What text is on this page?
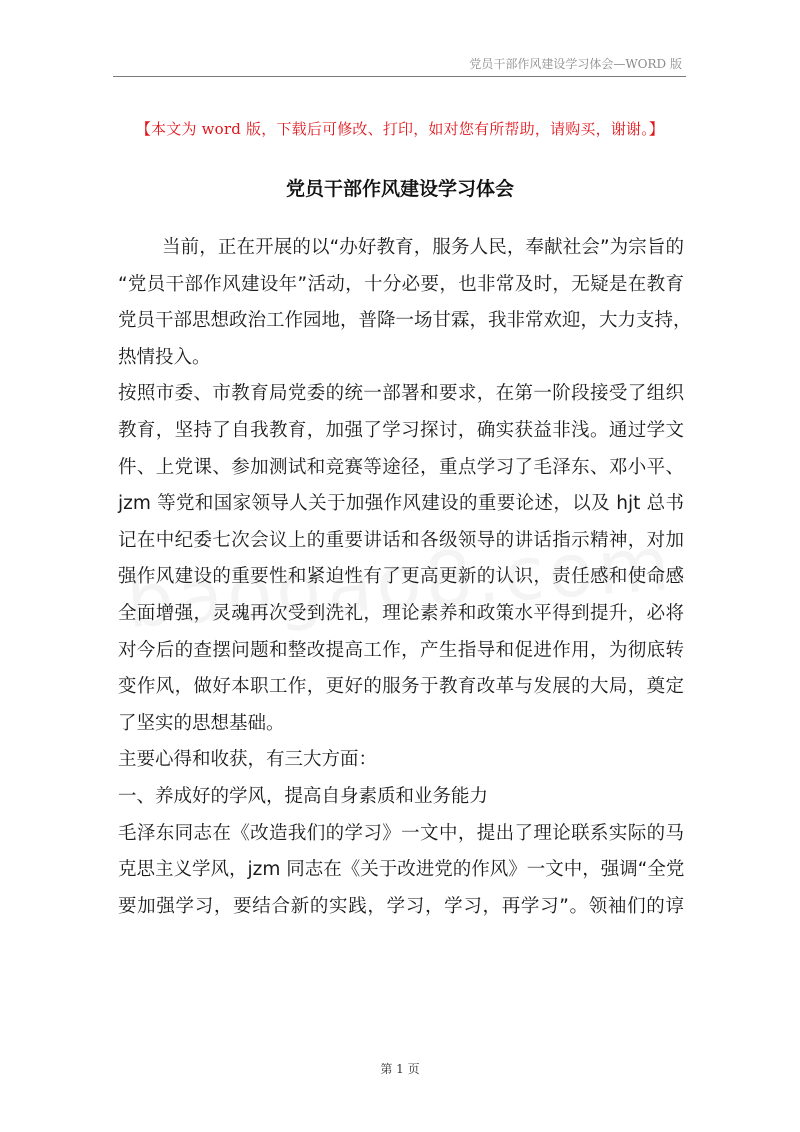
党员干部作风建设学习体会—WORD 版
【本文为 word 版，下载后可修改、打印，如对您有所帮助，请购买，谢谢。】
党员干部作风建设学习体会
当前，正在开展的以“办好教育，服务人民，奉献社会”为宗旨的
“党员干部作风建设年”活动，十分必要，也非常及时，无疑是在教育
党员干部思想政治工作园地，普降一场甘霖，我非常欢迎，大力支持，
热情投入。
按照市委、市教育局党委的统一部署和要求，在第一阶段接受了组织
教育，坚持了自我教育，加强了学习探讨，确实获益非浅。通过学文
件、上党课、参加测试和竞赛等途径，重点学习了毛泽东、邓小平、
jzm 等党和国家领导人关于加强作风建设的重要论述，以及 hjt 总书
记在中纪委七次会议上的重要讲话和各级领导的讲话指示精神，对加
强作风建设的重要性和紧迫性有了更高更新的认识，责任感和使命感
全面增强，灵魂再次受到洗礼，理论素养和政策水平得到提升，必将
对今后的查摆问题和整改提高工作，产生指导和促进作用，为彻底转
变作风，做好本职工作，更好的服务于教育改革与发展的大局，奠定
了坚实的思想基础。
主要心得和收获，有三大方面：
一、养成好的学风，提高自身素质和业务能力
毛泽东同志在《改造我们的学习》一文中，提出了理论联系实际的马
克思主义学风，jzm 同志在《关于改进党的作风》一文中，强调“全党
要加强学习，要结合新的实践，学习，学习，再学习”。领袖们的谆
第 1 页
